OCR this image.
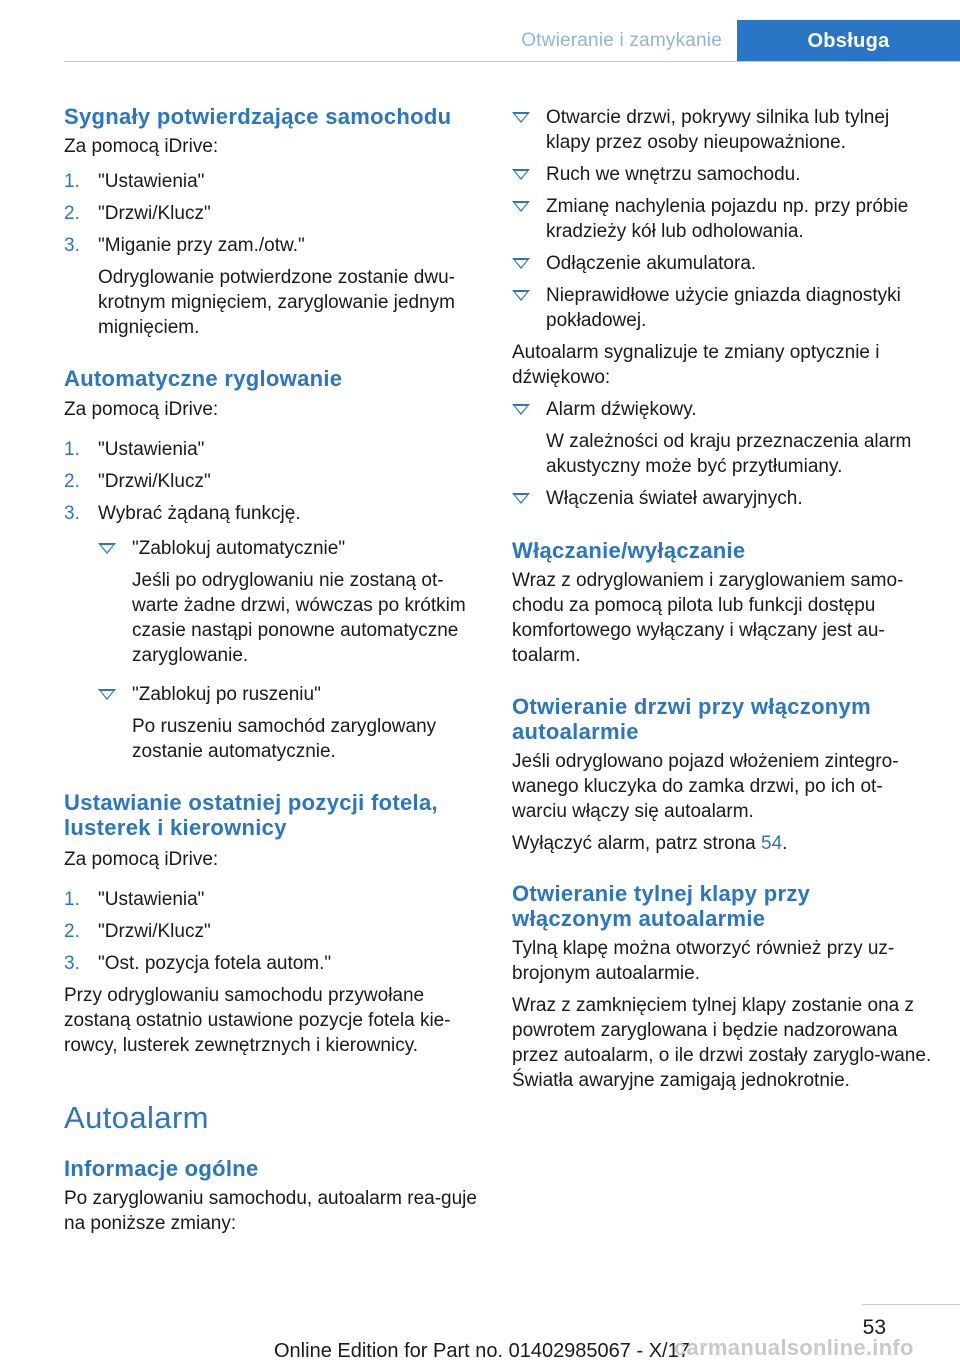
Otwieranie i zamykanie	Obsługa
Sygnały potwierdzające samochodu

Za pomocą iDrive:

1. "Ustawienia"
2. "Drzwi/Klucz"
3. "Miganie przy zam./otw."

Odryglowanie potwierdzone zostanie dwu-krotnym mignięciem, zaryglowanie jednym mignięciem.

Automatyczne ryglowanie

Za pomocą iDrive:

1. "Ustawienia"
2. "Drzwi/Klucz"
3. Wybrać żądaną funkcję.
"Zablokuj automatycznie"

Jeśli po odryglowaniu nie zostaną ot-warte żadne drzwi, wówczas po krótkim czasie nastąpi ponowne automatyczne zaryglowanie.

"Zablokuj po ruszeniu"

Po ruszeniu samochód zaryglowany zostanie automatycznie.

Ustawianie ostatniej pozycji fotela, lusterek i kierownicy

Za pomocą iDrive:

1. "Ustawienia"
2. "Drzwi/Klucz"
3. "Ost. pozycja fotela autom."

Przy odryglowaniu samochodu przywołane zostaną ostatnio ustawione pozycje fotela kie-rowcy, lusterek zewnętrznych i kierownicy.

Autoalarm
Informacje ogólne

Po zaryglowaniu samochodu, autoalarm rea-guje na poniższe zmiany:

Otwarcie drzwi, pokrywy silnika lub tylnej klapy przez osoby nieupoważnione.
Ruch we wnętrzu samochodu.
Zmianę nachylenia pojazdu np. przy próbie kradzieży kół lub odholowania.
Odłączenie akumulatora.
Nieprawidłowe użycie gniazda diagnostyki pokładowej.

Autoalarm sygnalizuje te zmiany optycznie i dźwiękowo:

Alarm dźwiękowy.

W zależności od kraju przeznaczenia alarm akustyczny może być przytłumiany.

Włączenia świateł awaryjnych.
Włączanie/wyłączanie

Wraz z odryglowaniem i zaryglowaniem samo-chodu za pomocą pilota lub funkcji dostępu komfortowego wyłączany i włączany jest au-toalarm.

Otwieranie drzwi przy włączonym autoalarmie

Jeśli odryglowano pojazd włożeniem zintegro-wanego kluczyka do zamka drzwi, po ich ot-warciu włączy się autoalarm.

Wyłączyć alarm, patrz strona 54.

Otwieranie tylnej klapy przy włączonym autoalarmie

Tylną klapę można otworzyć również przy uz-brojonym autoalarmie.

Wraz z zamknięciem tylnej klapy zostanie ona z powrotem zaryglowana i będzie nadzorowana przez autoalarm, o ile drzwi zostały zaryglo-wane. Światła awaryjne zamigają jednokrotnie.

53
Online Edition for Part no. 01402985067 - X/17
carmanualsonline.info
